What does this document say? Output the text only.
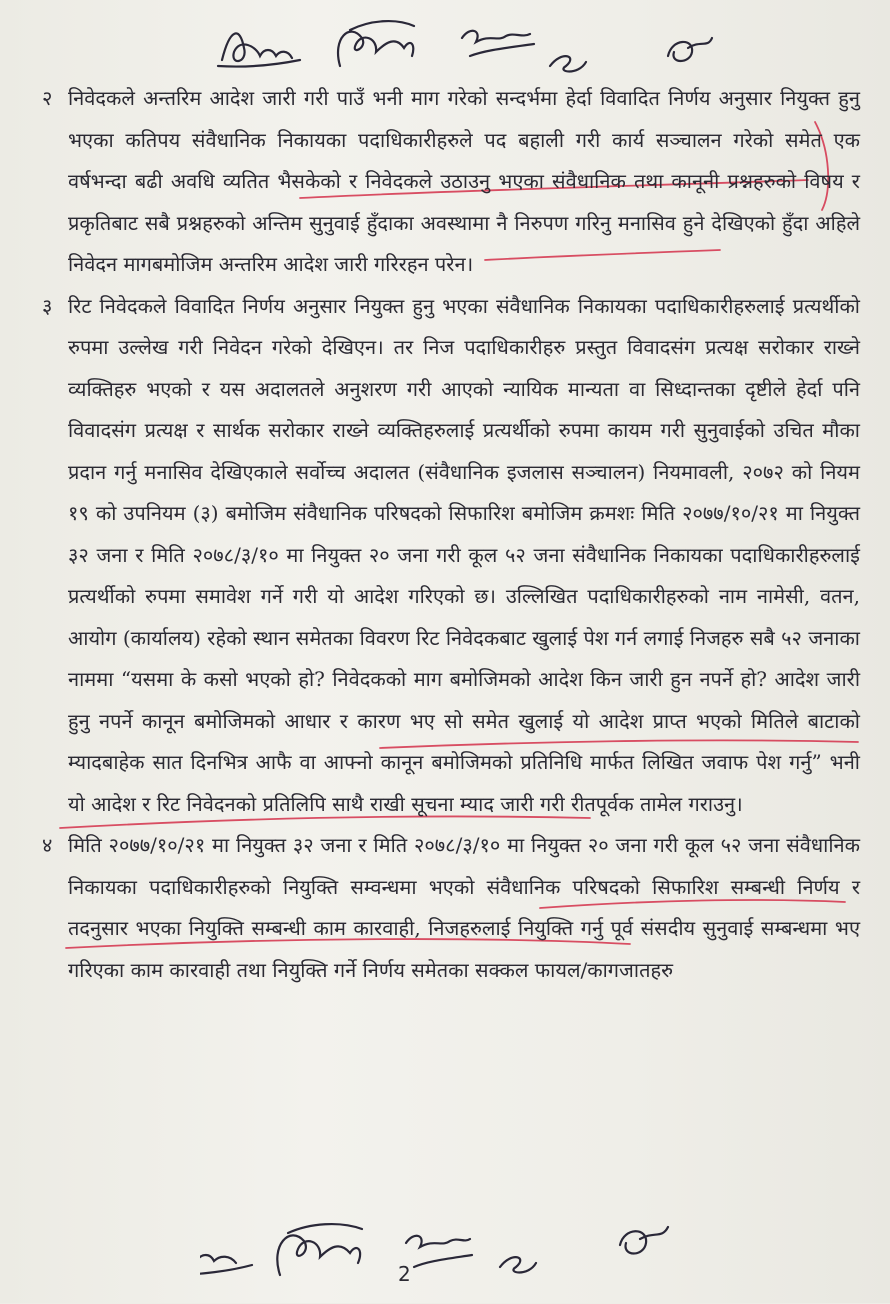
२ निवेदकले अन्तरिम आदेश जारी गरी पाउँ भनी माग गरेको सन्दर्भमा हेर्दा विवादित निर्णय अनुसार नियुक्त हुनु भएका कतिपय संवैधानिक निकायका पदाधिकारीहरुले पद बहाली गरी कार्य सञ्चालन गरेको समेत एक वर्षभन्दा बढी अवधि व्यतित भैसकेको र निवेदकले उठाउनु भएका संवैधानिक तथा कानूनी प्रश्नहरुको विषय र प्रकृतिबाट सबै प्रश्नहरुको अन्तिम सुनुवाई हुँदाका अवस्थामा नै निरुपण गरिनु मनासिव हुने देखिएको हुँदा अहिले निवेदन मागबमोजिम अन्तरिम आदेश जारी गरिरहन परेन।
३ रिट निवेदकले विवादित निर्णय अनुसार नियुक्त हुनु भएका संवैधानिक निकायका पदाधिकारीहरुलाई प्रत्यर्थीको रुपमा उल्लेख गरी निवेदन गरेको देखिएन। तर निज पदाधिकारीहरु प्रस्तुत विवादसंग प्रत्यक्ष सरोकार राख्ने व्यक्तिहरु भएको र यस अदालतले अनुशरण गरी आएको न्यायिक मान्यता वा सिध्दान्तका दृष्टीले हेर्दा पनि विवादसंग प्रत्यक्ष र सार्थक सरोकार राख्ने व्यक्तिहरुलाई प्रत्यर्थीको रुपमा कायम गरी सुनुवाईको उचित मौका प्रदान गर्नु मनासिव देखिएकाले सर्वोच्च अदालत (संवैधानिक इजलास सञ्चालन) नियमावली, २०७२ को नियम १९ को उपनियम (३) बमोजिम संवैधानिक परिषदको सिफारिश बमोजिम क्रमशः मिति २०७७/१०/२१ मा नियुक्त ३२ जना र मिति २०७८/३/१० मा नियुक्त २० जना गरी कूल ५२ जना संवैधानिक निकायका पदाधिकारीहरुलाई प्रत्यर्थीको रुपमा समावेश गर्ने गरी यो आदेश गरिएको छ। उल्लिखित पदाधिकारीहरुको नाम नामेसी, वतन, आयोग (कार्यालय) रहेको स्थान समेतका विवरण रिट निवेदकबाट खुलाई पेश गर्न लगाई निजहरु सबै ५२ जनाका नाममा “यसमा के कसो भएको हो? निवेदकको माग बमोजिमको आदेश किन जारी हुन नपर्ने हो? आदेश जारी हुनु नपर्ने कानून बमोजिमको आधार र कारण भए सो समेत खुलाई यो आदेश प्राप्त भएको मितिले बाटाको म्यादबाहेक सात दिनभित्र आफै वा आफ्नो कानून बमोजिमको प्रतिनिधि मार्फत लिखित जवाफ पेश गर्नु” भनी यो आदेश र रिट निवेदनको प्रतिलिपि साथै राखी सूचना म्याद जारी गरी रीतपूर्वक तामेल गराउनु।
४ मिति २०७७/१०/२१ मा नियुक्त ३२ जना र मिति २०७८/३/१० मा नियुक्त २० जना गरी कूल ५२ जना संवैधानिक निकायका पदाधिकारीहरुको नियुक्ति सम्वन्धमा भएको संवैधानिक परिषदको सिफारिश सम्बन्धी निर्णय र तदनुसार भएका नियुक्ति सम्बन्धी काम कारवाही, निजहरुलाई नियुक्ति गर्नु पूर्व संसदीय सुनुवाई सम्बन्धमा भए गरिएका काम कारवाही तथा नियुक्ति गर्ने निर्णय समेतका सक्कल फायल/कागजातहरु
2
